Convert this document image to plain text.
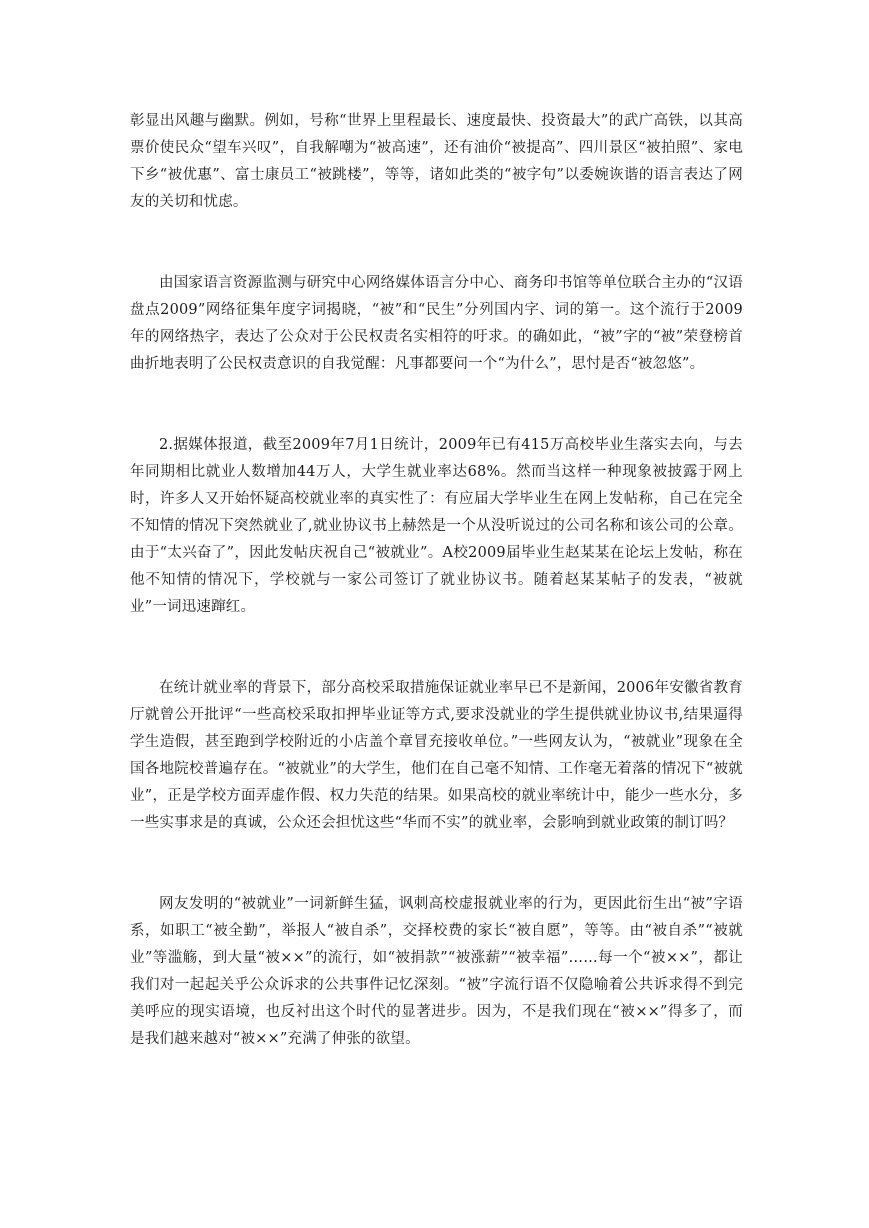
彰显出风趣与幽默。例如，号称“世界上里程最长、速度最快、投资最大”的武广高铁，以其高票价使民众“望车兴叹”，自我解嘲为“被高速”，还有油价“被提高”、四川景区“被拍照”、家电下乡“被优惠”、富士康员工“被跳楼”，等等，诸如此类的“被字句”以委婉诙谐的语言表达了网友的关切和忧虑。

由国家语言资源监测与研究中心网络媒体语言分中心、商务印书馆等单位联合主办的“汉语盘点2009”网络征集年度字词揭晓，“被”和“民生”分列国内字、词的第一。这个流行于2009年的网络热字，表达了公众对于公民权责名实相符的吁求。的确如此，“被”字的“被”荣登榜首曲折地表明了公民权责意识的自我觉醒：凡事都要问一个“为什么”，思忖是否“被忽悠”。

2.据媒体报道，截至2009年7月1日统计，2009年已有415万高校毕业生落实去向，与去年同期相比就业人数增加44万人，大学生就业率达68%。然而当这样一种现象被披露于网上时，许多人又开始怀疑高校就业率的真实性了：有应届大学毕业生在网上发帖称，自己在完全不知情的情况下突然就业了,就业协议书上赫然是一个从没听说过的公司名称和该公司的公章。由于“太兴奋了”，因此发帖庆祝自己“被就业”。A校2009届毕业生赵某某在论坛上发帖，称在他不知情的情况下，学校就与一家公司签订了就业协议书。随着赵某某帖子的发表，“被就业”一词迅速蹿红。

在统计就业率的背景下，部分高校采取措施保证就业率早已不是新闻，2006年安徽省教育厅就曾公开批评“一些高校采取扣押毕业证等方式,要求没就业的学生提供就业协议书,结果逼得学生造假，甚至跑到学校附近的小店盖个章冒充接收单位。”一些网友认为，“被就业”现象在全国各地院校普遍存在。“被就业”的大学生，他们在自己毫不知情、工作毫无着落的情况下“被就业”，正是学校方面弄虚作假、权力失范的结果。如果高校的就业率统计中，能少一些水分，多一些实事求是的真诚，公众还会担忧这些“华而不实”的就业率，会影响到就业政策的制订吗？

网友发明的“被就业”一词新鲜生猛，讽刺高校虚报就业率的行为，更因此衍生出“被”字语系，如职工“被全勤”，举报人“被自杀”，交择校费的家长“被自愿”，等等。由“被自杀”“被就业”等滥觞，到大量“被××”的流行，如“被捐款”“被涨薪”“被幸福”……每一个“被××”，都让我们对一起起关乎公众诉求的公共事件记忆深刻。“被”字流行语不仅隐喻着公共诉求得不到完美呼应的现实语境，也反衬出这个时代的显著进步。因为，不是我们现在“被××”得多了，而是我们越来越对“被××”充满了伸张的欲望。
